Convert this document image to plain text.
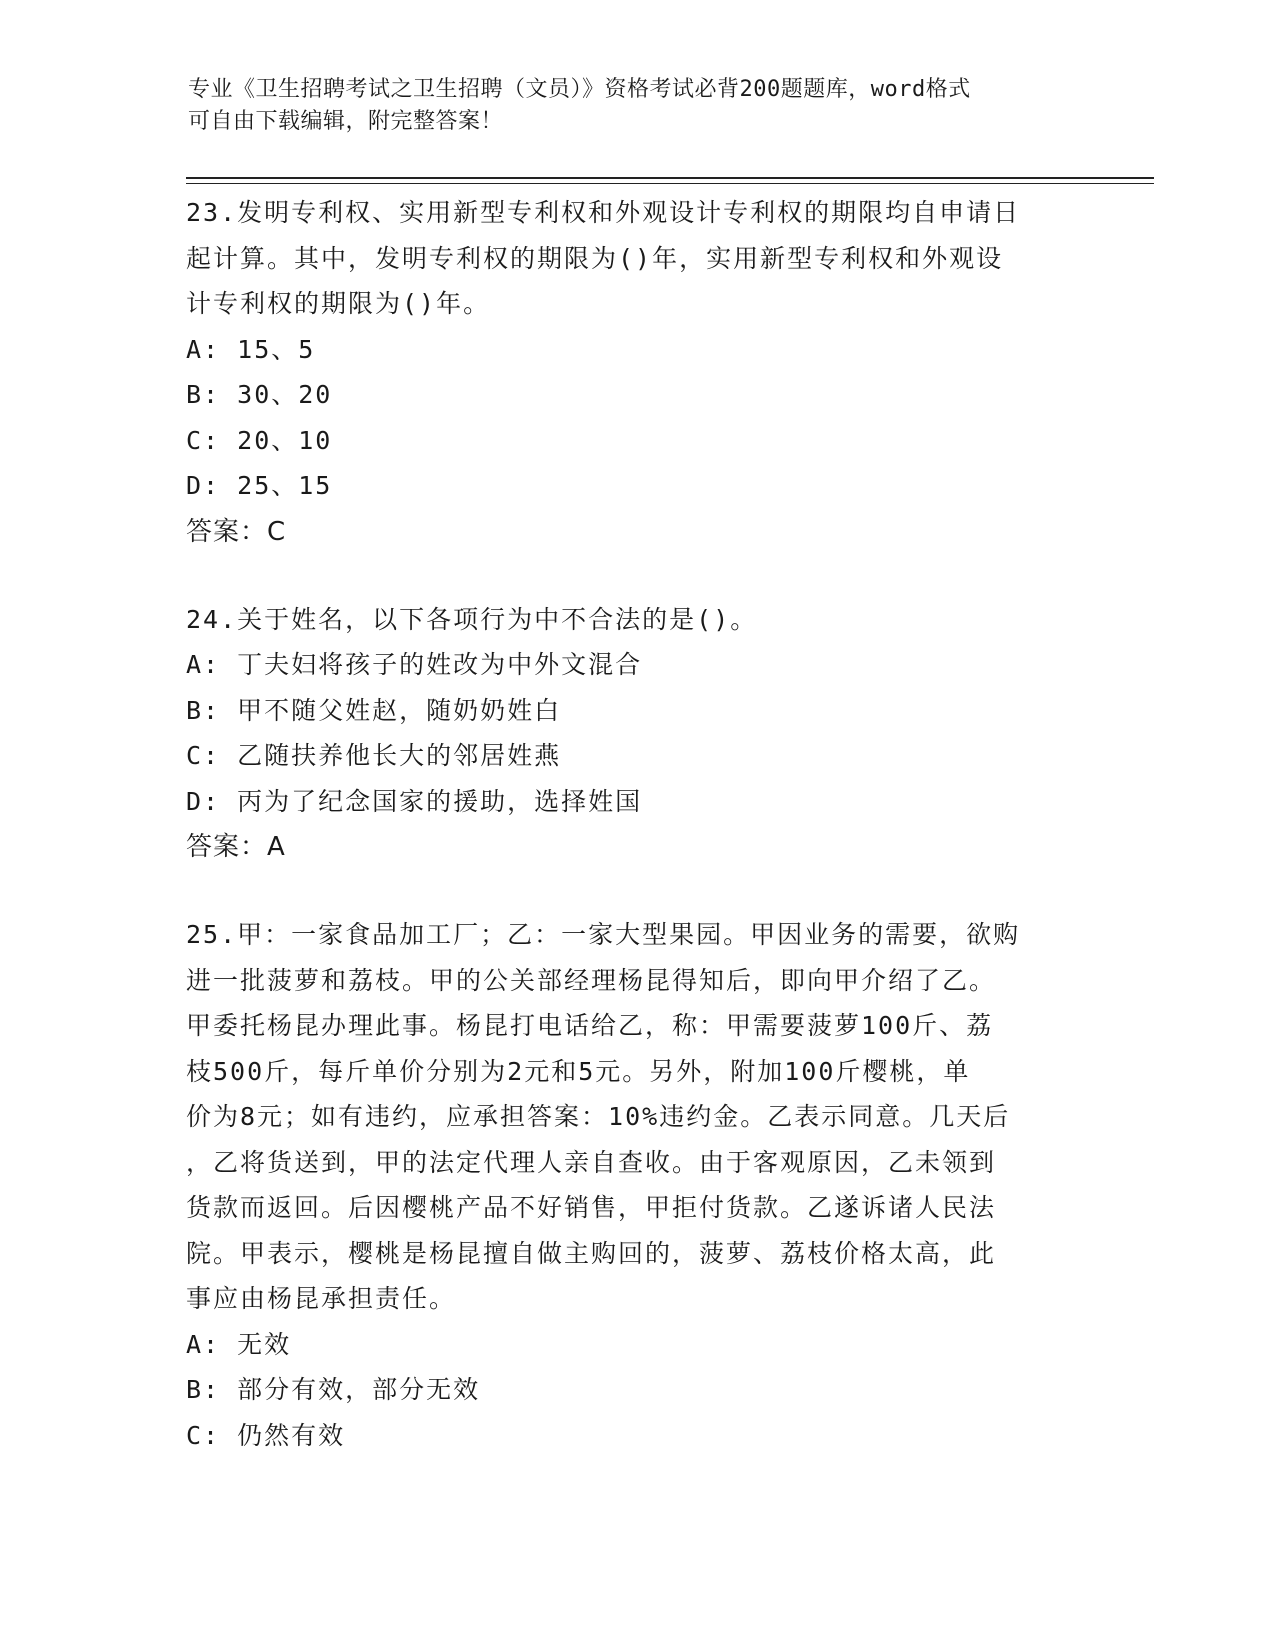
专业《卫生招聘考试之卫生招聘（文员）》资格考试必背200题题库，word格式
可自由下载编辑，附完整答案！
23.发明专利权、实用新型专利权和外观设计专利权的期限均自申请日
起计算。其中，发明专利权的期限为()年，实用新型专利权和外观设
计专利权的期限为()年。
A: 15、5
B: 30、20
C: 20、10
D: 25、15
答案：C
24.关于姓名，以下各项行为中不合法的是()。
A: 丁夫妇将孩子的姓改为中外文混合
B: 甲不随父姓赵，随奶奶姓白
C: 乙随扶养他长大的邻居姓燕
D: 丙为了纪念国家的援助，选择姓国
答案：A
25.甲：一家食品加工厂；乙：一家大型果园。甲因业务的需要，欲购
进一批菠萝和荔枝。甲的公关部经理杨昆得知后，即向甲介绍了乙。
甲委托杨昆办理此事。杨昆打电话给乙，称：甲需要菠萝100斤、荔
枝500斤，每斤单价分别为2元和5元。另外，附加100斤樱桃，单
价为8元；如有违约，应承担答案：10%违约金。乙表示同意。几天后
，乙将货送到，甲的法定代理人亲自查收。由于客观原因，乙未领到
货款而返回。后因樱桃产品不好销售，甲拒付货款。乙遂诉诸人民法
院。甲表示，樱桃是杨昆擅自做主购回的，菠萝、荔枝价格太高，此
事应由杨昆承担责任。
A: 无效
B: 部分有效，部分无效
C: 仍然有效
